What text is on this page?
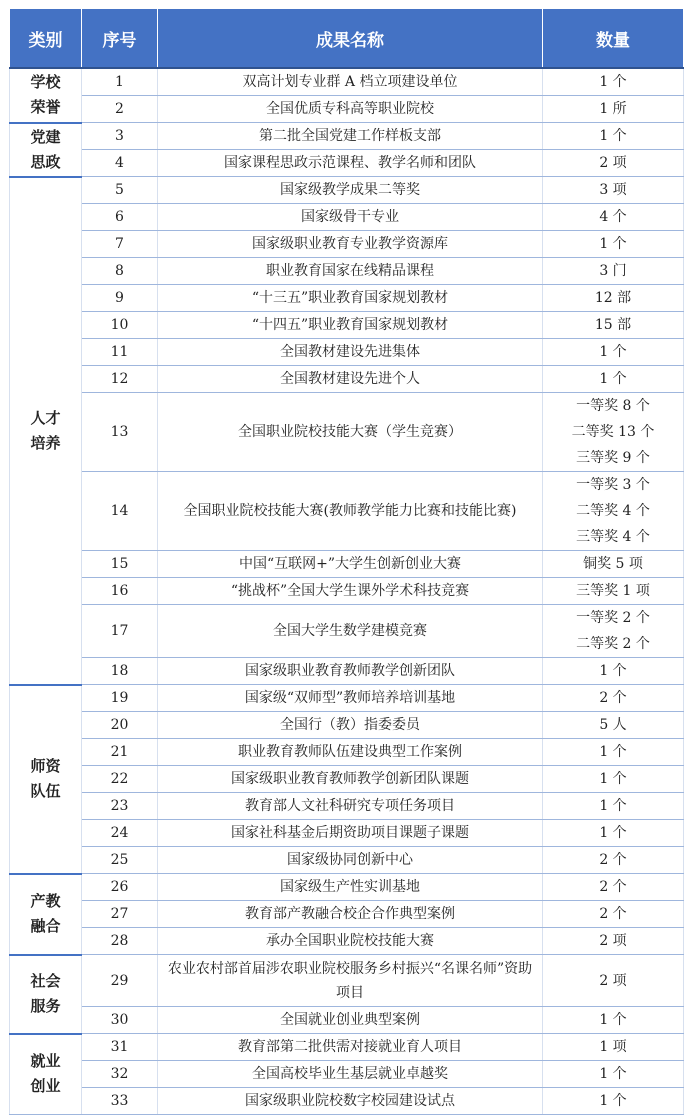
类别	序号	成果名称	数量

学校荣誉	1	双高计划专业群 A 档立项建设单位	1 个

	2	全国优质专科高等职业院校	1 所

党建思政	3	第二批全国党建工作样板支部	1 个

	4	国家课程思政示范课程、教学名师和团队	2 项

人才培养	5	国家级教学成果二等奖	3 项

	6	国家级骨干专业	4 个

	7	国家级职业教育专业教学资源库	1 个

	8	职业教育国家在线精品课程	3 门

	9	“十三五”职业教育国家规划教材	12 部

	10	“十四五”职业教育国家规划教材	15 部

	11	全国教材建设先进集体	1 个

	12	全国教材建设先进个人	1 个

	13	全国职业院校技能大赛（学生竞赛）	一等奖 8 个
二等奖 13 个
三等奖 9 个

	14	全国职业院校技能大赛(教师教学能力比赛和技能比赛)	一等奖 3 个
二等奖 4 个
三等奖 4 个

	15	中国“互联网+”大学生创新创业大赛	铜奖 5 项

	16	“挑战杯”全国大学生课外学术科技竞赛	三等奖 1 项

	17	全国大学生数学建模竞赛	一等奖 2 个
二等奖 2 个

	18	国家级职业教育教师教学创新团队	1 个

师资队伍	19	国家级“双师型”教师培养培训基地	2 个

	20	全国行（教）指委委员	5 人

	21	职业教育教师队伍建设典型工作案例	1 个

	22	国家级职业教育教师教学创新团队课题	1 个

	23	教育部人文社科研究专项任务项目	1 个

	24	国家社科基金后期资助项目课题子课题	1 个

	25	国家级协同创新中心	2 个

产教融合	26	国家级生产性实训基地	2 个

	27	教育部产教融合校企合作典型案例	2 个

	28	承办全国职业院校技能大赛	2 项

社会服务	29	农业农村部首届涉农职业院校服务乡村振兴“名课名师”资助项目	2 项

	30	全国就业创业典型案例	1 个

就业创业	31	教育部第二批供需对接就业育人项目	1 项

	32	全国高校毕业生基层就业卓越奖	1 个

	33	国家级职业院校数字校园建设试点	1 个
